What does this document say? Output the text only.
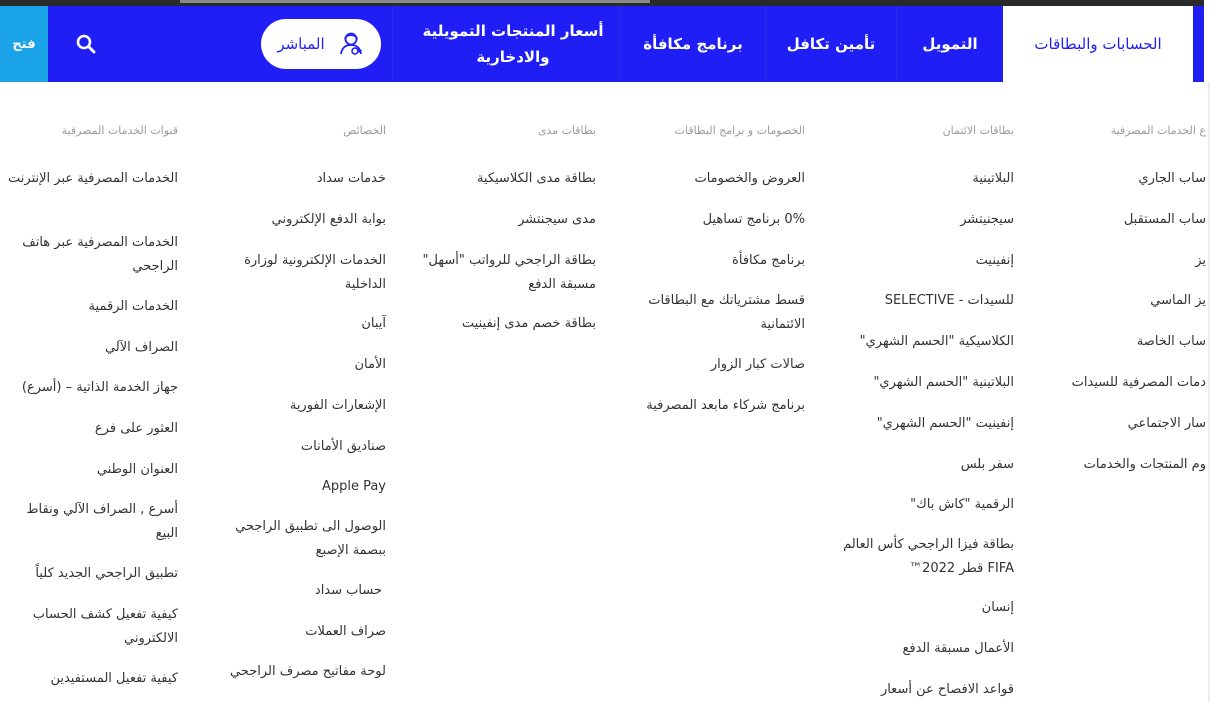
فتح	المباشر
أسعار المنتجات التمويلية والادخارية
برنامج مكافأة	تأمين تكافل	التمويل	الحسابات والبطاقات
ع الخدمات المصرفية
ساب الجاري
ساب المستقبل
يز
يز الماسي
ساب الخاصة
دمات المصرفية للسيدات
سار الاجتماعي
وم المنتجات والخدمات
بطاقات الائتمان
البلاتينية
سيجنيتشر
إنفينيت
SELECTIVE - للسيدات
الكلاسيكية "الحسم الشهري"
البلاتينية "الحسم الشهري"
إنفينيت "الحسم الشهري"
سفر بلس
الرقمية "كاش باك"
بطاقة فيزا الراجحي كأس العالم FIFA قطر 2022™
إنسان
الأعمال مسبقة الدفع
قواعد الافصاح عن أسعار
الخصومات و برامج البطاقات
العروض والخصومات
0% برنامج تساهيل
برنامج مكافأة
قسط مشترياتك مع البطاقات الائتمانية
صالات كبار الزوار
برنامج شركاء مابعد المصرفية
بطاقات مدى
بطاقة مدى الكلاسيكية
مدى سيجنتشر
بطاقة الراجحي للرواتب "أسهل" مسبقة الدفع
بطاقة خصم مدى إنفينيت
الخصائص
خدمات سداد
بوابة الدفع الإلكتروني
الخدمات الإلكترونية لوزارة الداخلية
آيبان
الأمان
الإشعارات الفورية
صناديق الأمانات
Apple Pay
الوصول الى تطبيق الراجحي ببصمة الإصبع
حساب سداد
صراف العملات
لوحة مفاتيح مصرف الراجحي
قنوات الخدمات المصرفية
الخدمات المصرفية عبر الإنترنت
الخدمات المصرفية عبر هاتف الراجحي
الخدمات الرقمية
الصراف الآلي
جهاز الخدمة الذاتية – (أسرع)
العثور على فرع
العنوان الوطني
أسرع , الصراف الآلي ونقاط البيع
تطبيق الراجحي الجديد كلياً
كيفية تفعيل كشف الحساب الالكتروني
كيفية تفعيل المستفيدين
